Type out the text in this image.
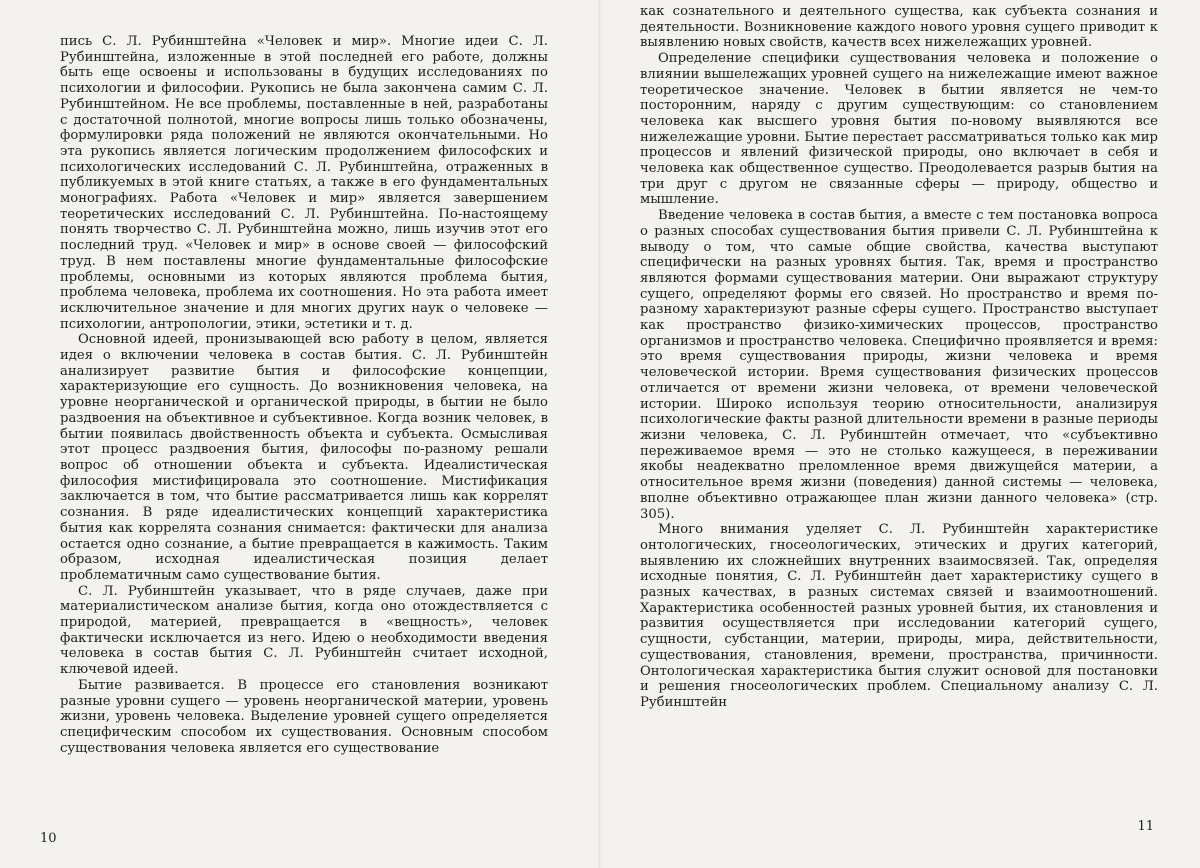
пись С. Л. Рубинштейна «Человек и мир». Многие идеи С. Л. Рубинштейна, изложенные в этой последней его работе, должны быть еще освоены и использованы в будущих исследованиях по психологии и философии. Рукопись не была закончена самим С. Л. Рубинштейном. Не все проблемы, поставленные в ней, разработаны с достаточной полнотой, многие вопросы лишь только обозначены, формулировки ряда положений не являются окончательными. Но эта рукопись является логическим продолжением философских и психологических исследований С. Л. Рубинштейна, отраженных в публикуемых в этой книге статьях, а также в его фундаментальных монографиях. Работа «Человек и мир» является завершением теоретических исследований С. Л. Рубинштейна. По-настоящему понять творчество С. Л. Рубинштейна можно, лишь изучив этот его последний труд. «Человек и мир» в основе своей — философский труд. В нем поставлены многие фундаментальные философские проблемы, основными из которых являются проблема бытия, проблема человека, проблема их соотношения. Но эта работа имеет исключительное значение и для многих других наук о человеке — психологии, антропологии, этики, эстетики и т. д.

Основной идеей, пронизывающей всю работу в целом, является идея о включении человека в состав бытия. С. Л. Рубинштейн анализирует развитие бытия и философские концепции, характеризующие его сущность. До возникновения человека, на уровне неорганической и органической природы, в бытии не было раздвоения на объективное и субъективное. Когда возник человек, в бытии появилась двойственность объекта и субъекта. Осмысливая этот процесс раздвоения бытия, философы по-разному решали вопрос об отношении объекта и субъекта. Идеалистическая философия мистифицировала это соотношение. Мистификация заключается в том, что бытие рассматривается лишь как коррелят сознания. В ряде идеалистических концепций характеристика бытия как коррелята сознания снимается: фактически для анализа остается одно сознание, а бытие превращается в кажимость. Таким образом, исходная идеалистическая позиция делает проблематичным само существование бытия.

С. Л. Рубинштейн указывает, что в ряде случаев, даже при материалистическом анализе бытия, когда оно отождествляется с природой, материей, превращается в «вещность», человек фактически исключается из него. Идею о необходимости введения человека в состав бытия С. Л. Рубинштейн считает исходной, ключевой идеей.

Бытие развивается. В процессе его становления возникают разные уровни сущего — уровень неорганической материи, уровень жизни, уровень человека. Выделение уровней сущего определяется специфическим способом их существования. Основным способом существования человека является его существование

10

как сознательного и деятельного существа, как субъекта сознания и деятельности. Возникновение каждого нового уровня сущего приводит к выявлению новых свойств, качеств всех нижележащих уровней.

Определение специфики существования человека и положение о влиянии вышележащих уровней сущего на нижележащие имеют важное теоретическое значение. Человек в бытии является не чем-то посторонним, наряду с другим существующим: со становлением человека как высшего уровня бытия по-новому выявляются все нижележащие уровни. Бытие перестает рассматриваться только как мир процессов и явлений физической природы, оно включает в себя и человека как общественное существо. Преодолевается разрыв бытия на три друг с другом не связанные сферы — природу, общество и мышление.

Введение человека в состав бытия, а вместе с тем постановка вопроса о разных способах существования бытия привели С. Л. Рубинштейна к выводу о том, что самые общие свойства, качества выступают специфически на разных уровнях бытия. Так, время и пространство являются формами существования материи. Они выражают структуру сущего, определяют формы его связей. Но пространство и время по-разному характеризуют разные сферы сущего. Пространство выступает как пространство физико-химических процессов, пространство организмов и пространство человека. Специфично проявляется и время: это время существования природы, жизни человека и время человеческой истории. Время существования физических процессов отличается от времени жизни человека, от времени человеческой истории. Широко используя теорию относительности, анализируя психологические факты разной длительности времени в разные периоды жизни человека, С. Л. Рубинштейн отмечает, что «субъективно переживаемое время — это не столько кажущееся, в переживании якобы неадекватно преломленное время движущейся материи, а относительное время жизни (поведения) данной системы — человека, вполне объективно отражающее план жизни данного человека» (стр. 305).

Много внимания уделяет С. Л. Рубинштейн характеристике онтологических, гносеологических, этических и других категорий, выявлению их сложнейших внутренних взаимосвязей. Так, определяя исходные понятия, С. Л. Рубинштейн дает характеристику сущего в разных качествах, в разных системах связей и взаимоотношений. Характеристика особенностей разных уровней бытия, их становления и развития осуществляется при исследовании категорий сущего, сущности, субстанции, материи, природы, мира, действительности, существования, становления, времени, пространства, причинности. Онтологическая характеристика бытия служит основой для постановки и решения гносеологических проблем. Специальному анализу С. Л. Рубинштейн

11
